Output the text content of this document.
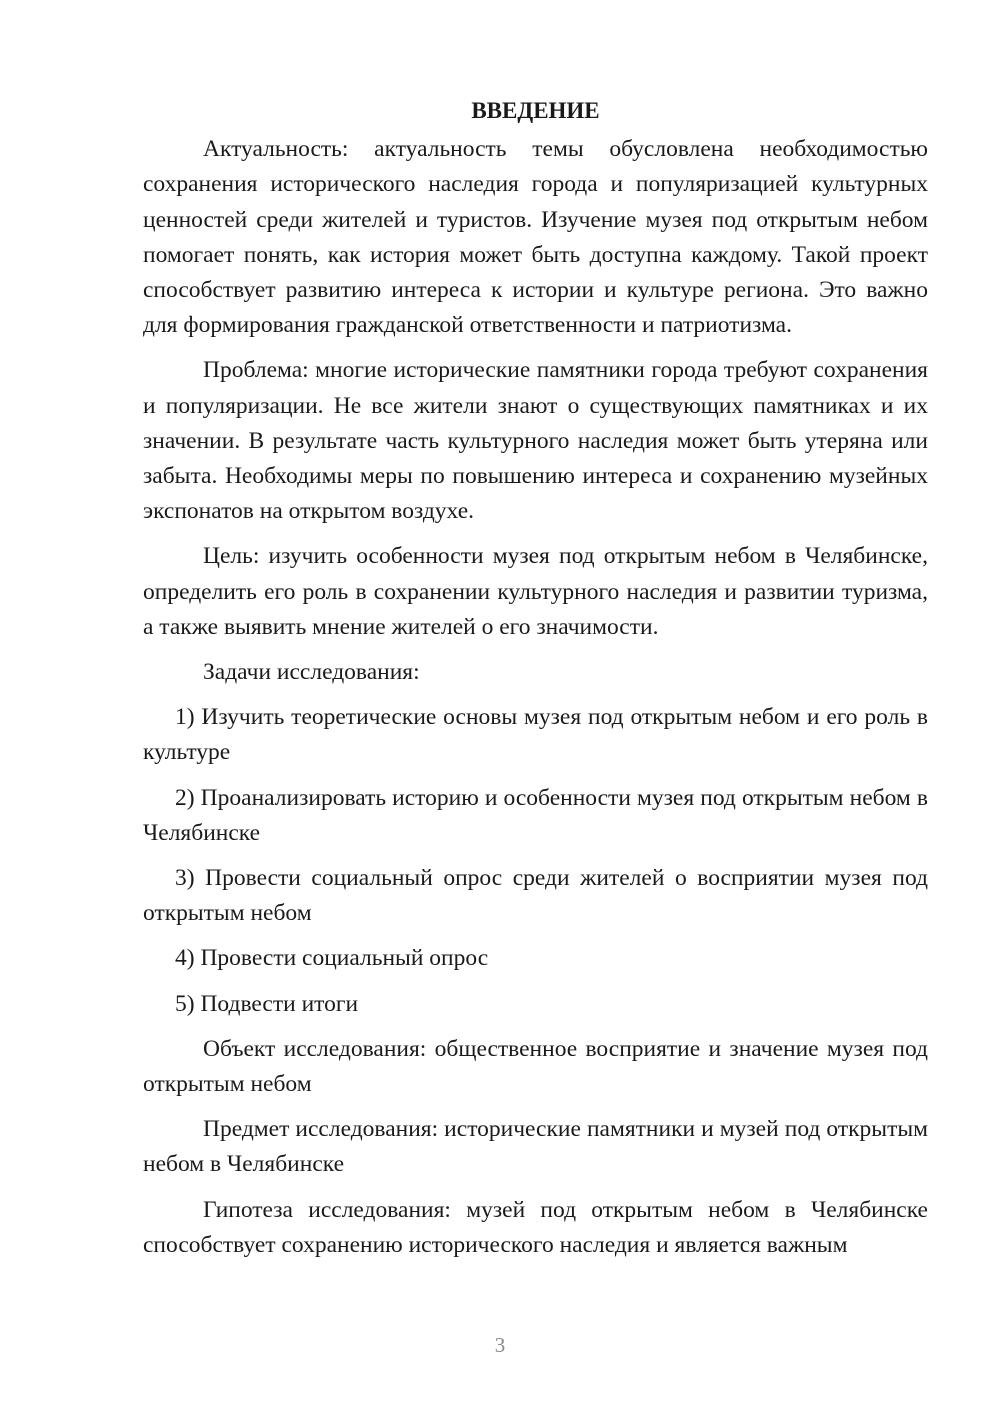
ВВЕДЕНИЕ

Актуальность: актуальность темы обусловлена необходимостью сохранения исторического наследия города и популяризацией культурных ценностей среди жителей и туристов. Изучение музея под открытым небом помогает понять, как история может быть доступна каждому. Такой проект способствует развитию интереса к истории и культуре региона. Это важно для формирования гражданской ответственности и патриотизма.

Проблема: многие исторические памятники города требуют сохранения и популяризации. Не все жители знают о существующих памятниках и их значении. В результате часть культурного наследия может быть утеряна или забыта. Необходимы меры по повышению интереса и сохранению музейных экспонатов на открытом воздухе.

Цель: изучить особенности музея под открытым небом в Челябинске, определить его роль в сохранении культурного наследия и развитии туризма, а также выявить мнение жителей о его значимости.

Задачи исследования:

1) Изучить теоретические основы музея под открытым небом и его роль в культуре

2) Проанализировать историю и особенности музея под открытым небом в Челябинске

3) Провести социальный опрос среди жителей о восприятии музея под открытым небом

4) Провести социальный опрос

5) Подвести итоги

Объект исследования: общественное восприятие и значение музея под открытым небом

Предмет исследования: исторические памятники и музей под открытым небом в Челябинске

Гипотеза исследования: музей под открытым небом в Челябинске способствует сохранению исторического наследия и является важным

3
